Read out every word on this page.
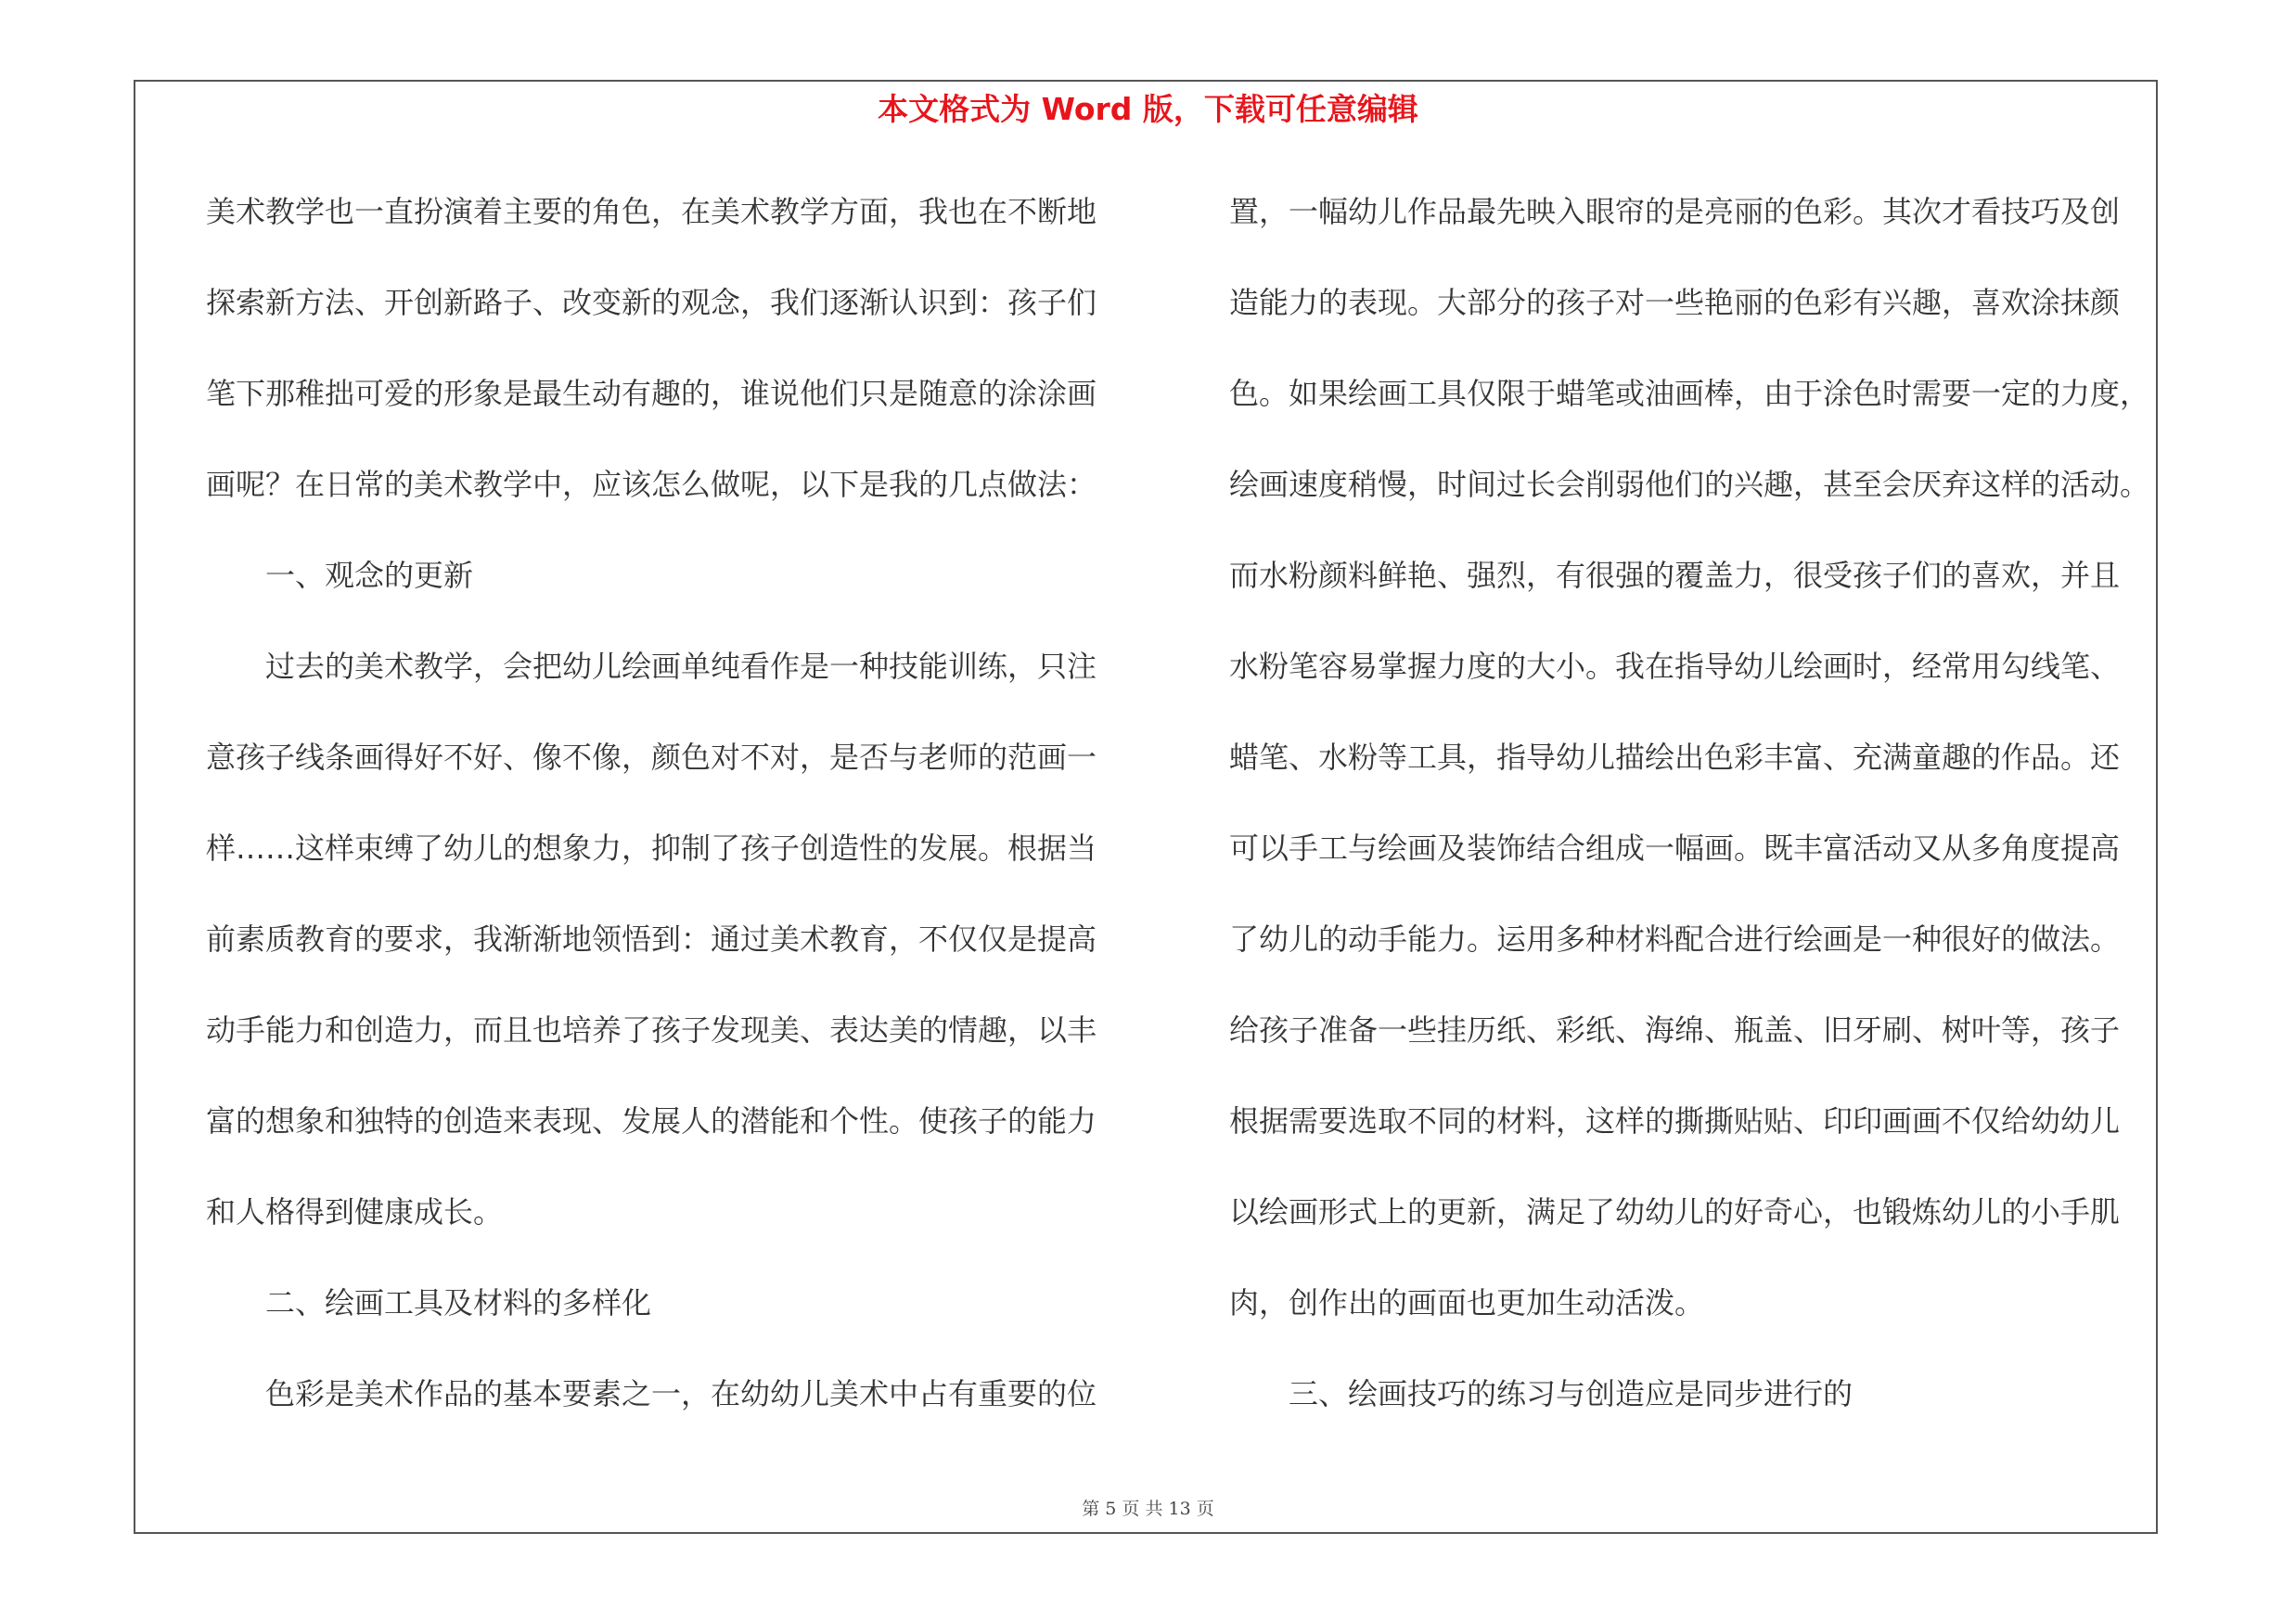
本文格式为 Word 版，下载可任意编辑
美术教学也一直扮演着主要的角色，在美术教学方面，我也在不断地
探索新方法、开创新路子、改变新的观念，我们逐渐认识到：孩子们
笔下那稚拙可爱的形象是最生动有趣的，谁说他们只是随意的涂涂画
画呢？在日常的美术教学中，应该怎么做呢，以下是我的几点做法：
　　一、观念的更新
　　过去的美术教学，会把幼儿绘画单纯看作是一种技能训练，只注
意孩子线条画得好不好、像不像，颜色对不对，是否与老师的范画一
样……这样束缚了幼儿的想象力，抑制了孩子创造性的发展。根据当
前素质教育的要求，我渐渐地领悟到：通过美术教育，不仅仅是提高
动手能力和创造力，而且也培养了孩子发现美、表达美的情趣，以丰
富的想象和独特的创造来表现、发展人的潜能和个性。使孩子的能力
和人格得到健康成长。
　　二、绘画工具及材料的多样化
　　色彩是美术作品的基本要素之一，在幼幼儿美术中占有重要的位
置，一幅幼儿作品最先映入眼帘的是亮丽的色彩。其次才看技巧及创
造能力的表现。大部分的孩子对一些艳丽的色彩有兴趣，喜欢涂抹颜
色。如果绘画工具仅限于蜡笔或油画棒，由于涂色时需要一定的力度，
绘画速度稍慢，时间过长会削弱他们的兴趣，甚至会厌弃这样的活动。
而水粉颜料鲜艳、强烈，有很强的覆盖力，很受孩子们的喜欢，并且
水粉笔容易掌握力度的大小。我在指导幼儿绘画时，经常用勾线笔、
蜡笔、水粉等工具，指导幼儿描绘出色彩丰富、充满童趣的作品。还
可以手工与绘画及装饰结合组成一幅画。既丰富活动又从多角度提高
了幼儿的动手能力。运用多种材料配合进行绘画是一种很好的做法。
给孩子准备一些挂历纸、彩纸、海绵、瓶盖、旧牙刷、树叶等，孩子
根据需要选取不同的材料，这样的撕撕贴贴、印印画画不仅给幼幼儿
以绘画形式上的更新，满足了幼幼儿的好奇心，也锻炼幼儿的小手肌
肉，创作出的画面也更加生动活泼。
　　三、绘画技巧的练习与创造应是同步进行的
第 5 页 共 13 页
